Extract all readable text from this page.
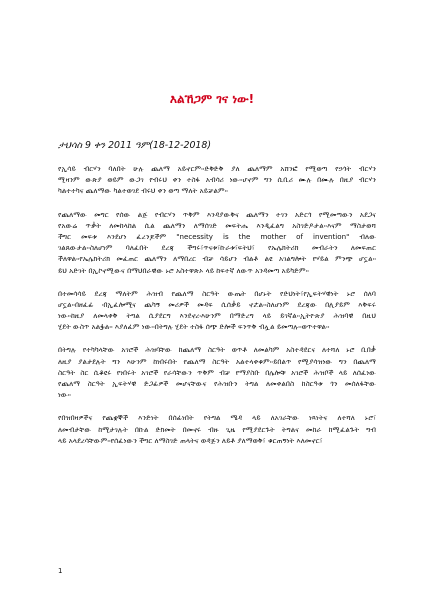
እልኸጋም ገና ነው!
ታህሳስ 9 ቀን 2011 ዓም(18-12-2018)
የኢሳይ ብርሃን ባለበት ሁሉ ጨለማ አይኖርም፡፡ድቅድቅ ያለ ጨለማም አሸንፎ የሚወጣ የኃጎት ብርሃን
ሚዛንም ውጽያ ወይም ውጋገ የብሩህ ቀን ተስፋ አብሳሪ ነው፡፡ሆኖም ግን ሲቢሪ ሙሉ በሙሉ በዚያ ብርሃን
ካልተተካና ጨለማው ካልተወገደ ብሩህ ቀን ወጣ ማለት አይቻልም፡፡
የጨለማው መግር የሰው ልጅ የብርሃን ጥቅም እንዳያውቅና ጨለማን ተገን አድርጎ የሚመጣውን አደጋና
የአውሬ ጥቃት ለመከላከል ሲል ጨለማን ለማሰገድ መፍትሔ እንዲፈልግ አስገድዶታል፡፡እናም ማስታወሻ
ችግር መፍቱ እንደሆነ ፈረንጆችም "necessity is the mother of invention" ብለው
ገልጸውታል፡፡ስለሆነም ባለፈበት ደረጃ ችግሩ፣ጥናቱ፣ኩራቱ፣ፍትህ፣ የኤሌክትሪክ መብራትን ለመፍጠር
ችለዋል፡፡የኤሌክትሪክ መፈጠር ጨለማን ለማበረር ብቻ ሳይሆን ብልቶ ልዩ አገልግሎት የሃይል ምንጭ ሆኗል፡፡
ይህ አድገት በኢኮኖሚውና በማህበራዊው ኑሮ አስተዋጽኦ ላይ ከፍተኛ ለውጥ አንዳመጣ አይካድም፡፡
በተመሳሳይ ደረጃ ማለትም ሕዝብ የጨለማ ስርዓት ውጤት በሆኑት የድህነት፣የኢፍትሃዊነት ኑሮ ሰለባ
ሆኗል፡፡በዘፈፊ ፡በኢፈሎሚና ጨካኝ መሪዎች መዳፍ ሲሰቃይ ኖሯል፡፡ስለሆነም ደረጃው በሊያይም እቅፍሩ
ነው፡፡ከዚያ ለመላቀቅ ትግል ሲያደርግ እንደኖረ፡እሁንም በማድረግ ላይ ይገኛል፡፡ኢትዮጵያ ሕዝባዊ በዚህ
ሂደት ውስጥ አልፏል፡፡ እያለፈም ነው፡፡በትግሉ ሂደት ተስፋ ሰጭ ድሎች ፍንጥቅ ብሏል ይመጣሉ፡፡ወጥተዋል፡፡
በትግሉ የተካካላቸው አገሮች ሕዝባቸው ከጨለማ ስርዓት ወጥቶ ለመልካም አስተዳደርና ለተሻለ ኑሮ ቢበቃ
ለዚያ ያልታደሉት ግን እሁንም ከነበሩበት የጨለማ ስርዓት አልተላቀቁም፡፡ይበልጥ የሚያሳዝነው ግን በጨለማ
ስርዓት ስር ሲቆዩሩ የነበሩት አገሮች የራሳቸውን ጥቅም ብቻ የማያስቡ በሌሎቹ አገሮች ሕዝቦች ላይ ለሰፈነው
የጨለማ ስርዓት ኢፍትሃዊ ድጋፊዎች መሆናቸውና የሕዝቡን ትግል ለመቀልበስ ከስርዓቱ ጎን መሰለፋቸው
ነው፡፡
የበዝበዛዎችና የጨቋኞች እንድነት በሰፊነበት የትግል ሜዳ ላይ ለአገራቸው ነጻነትና ለተሻለ ኑሮ፣
ለመብታቸው ከሚታገሉት በኩል ድክመት በመኖሩ ብዙ ጊዜ የሚያደርጉት ትግልና መከራ ከሚፈልጉት ግብ
ላይ አላደረሳቸውም፡፡የሰፈነውን ችግር ለማስገድ ጠላትና ወዳጅን ለይቶ ያለማወቅ፣ ቁርጠኝነት እለመኖር፣
1
